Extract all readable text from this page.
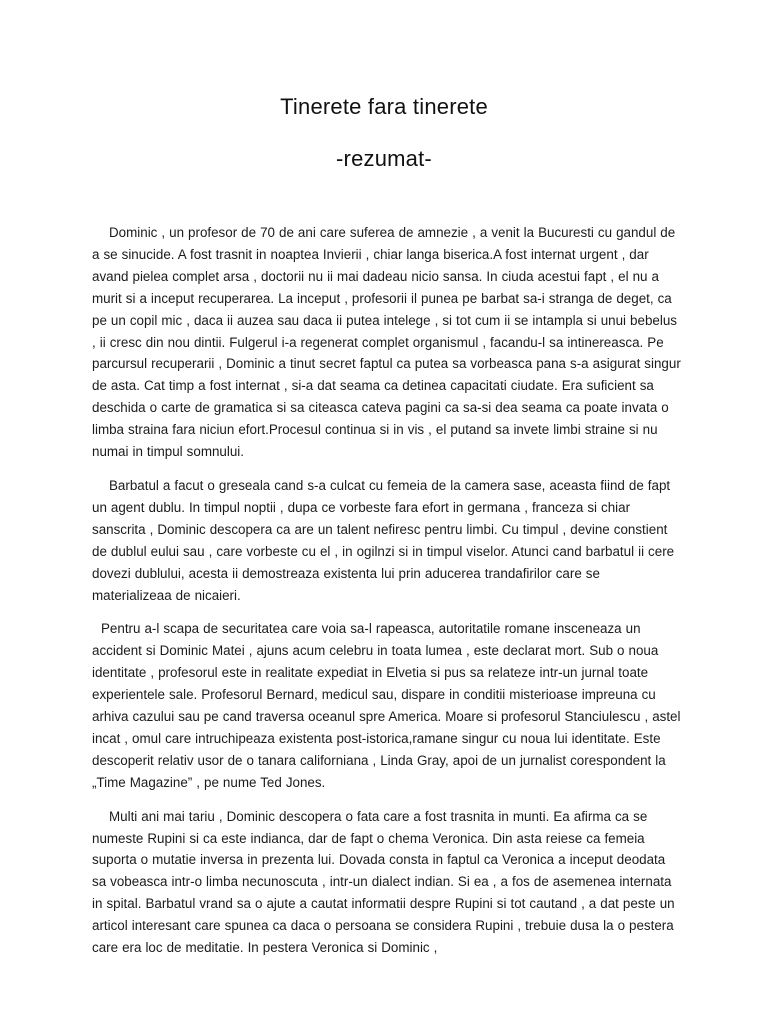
Tinerete fara tinerete
-rezumat-

Dominic , un profesor de 70 de ani care suferea de amnezie , a venit la Bucuresti cu gandul de a se sinucide. A fost trasnit in noaptea Invierii , chiar langa biserica.A fost internat urgent , dar avand pielea complet arsa , doctorii nu ii mai dadeau nicio sansa. In ciuda acestui fapt , el nu a murit si a inceput recuperarea. La inceput , profesorii il punea pe barbat sa-i stranga de deget, ca pe un copil mic , daca ii auzea sau daca ii putea intelege , si tot cum ii se intampla si unui bebelus , ii cresc din nou dintii. Fulgerul i-a regenerat complet organismul , facandu-l sa intinereasca. Pe parcursul recuperarii , Dominic a tinut secret faptul ca putea sa vorbeasca pana s-a asigurat singur de asta. Cat timp a fost internat , si-a dat seama ca detinea capacitati ciudate. Era suficient sa deschida o carte de gramatica si sa citeasca cateva pagini ca sa-si dea seama ca poate invata o limba straina fara niciun efort.Procesul continua si in vis , el putand sa invete limbi straine si nu numai in timpul somnului.

Barbatul a facut o greseala cand s-a culcat cu femeia de la camera sase, aceasta fiind de fapt un agent dublu. In timpul noptii , dupa ce vorbeste fara efort in germana , franceza si chiar sanscrita , Dominic descopera ca are un talent nefiresc pentru limbi. Cu timpul , devine constient de dublul eului sau , care vorbeste cu el , in ogilnzi si in timpul viselor. Atunci cand barbatul ii cere dovezi dublului, acesta ii demostreaza existenta lui prin aducerea trandafirilor care se materializeaa de nicaieri.

Pentru a-l scapa de securitatea care voia sa-l rapeasca, autoritatile romane insceneaza un accident si Dominic Matei , ajuns acum celebru in toata lumea , este declarat mort. Sub o noua identitate , profesorul este in realitate expediat in Elvetia si pus sa relateze intr-un jurnal toate experientele sale. Profesorul Bernard, medicul sau, dispare in conditii misterioase impreuna cu arhiva cazului sau pe cand traversa oceanul spre America. Moare si profesorul Stanciulescu , astel incat , omul care intruchipeaza existenta post-istorica,ramane singur cu noua lui identitate. Este descoperit relativ usor de o tanara californiana , Linda Gray, apoi de un jurnalist corespondent la „Time Magazine” , pe nume Ted Jones.

Multi ani mai tariu , Dominic descopera o fata care a fost trasnita in munti. Ea afirma ca se numeste Rupini si ca este indianca, dar de fapt o chema Veronica. Din asta reiese ca femeia suporta o mutatie inversa in prezenta lui. Dovada consta in faptul ca Veronica a inceput deodata sa vobeasca intr-o limba necunoscuta , intr-un dialect indian. Si ea , a fos de asemenea internata in spital. Barbatul vrand sa o ajute a cautat informatii despre Rupini si tot cautand , a dat peste un articol interesant care spunea ca daca o persoana se considera Rupini , trebuie dusa la o pestera care era loc de meditatie. In pestera Veronica si Dominic ,
